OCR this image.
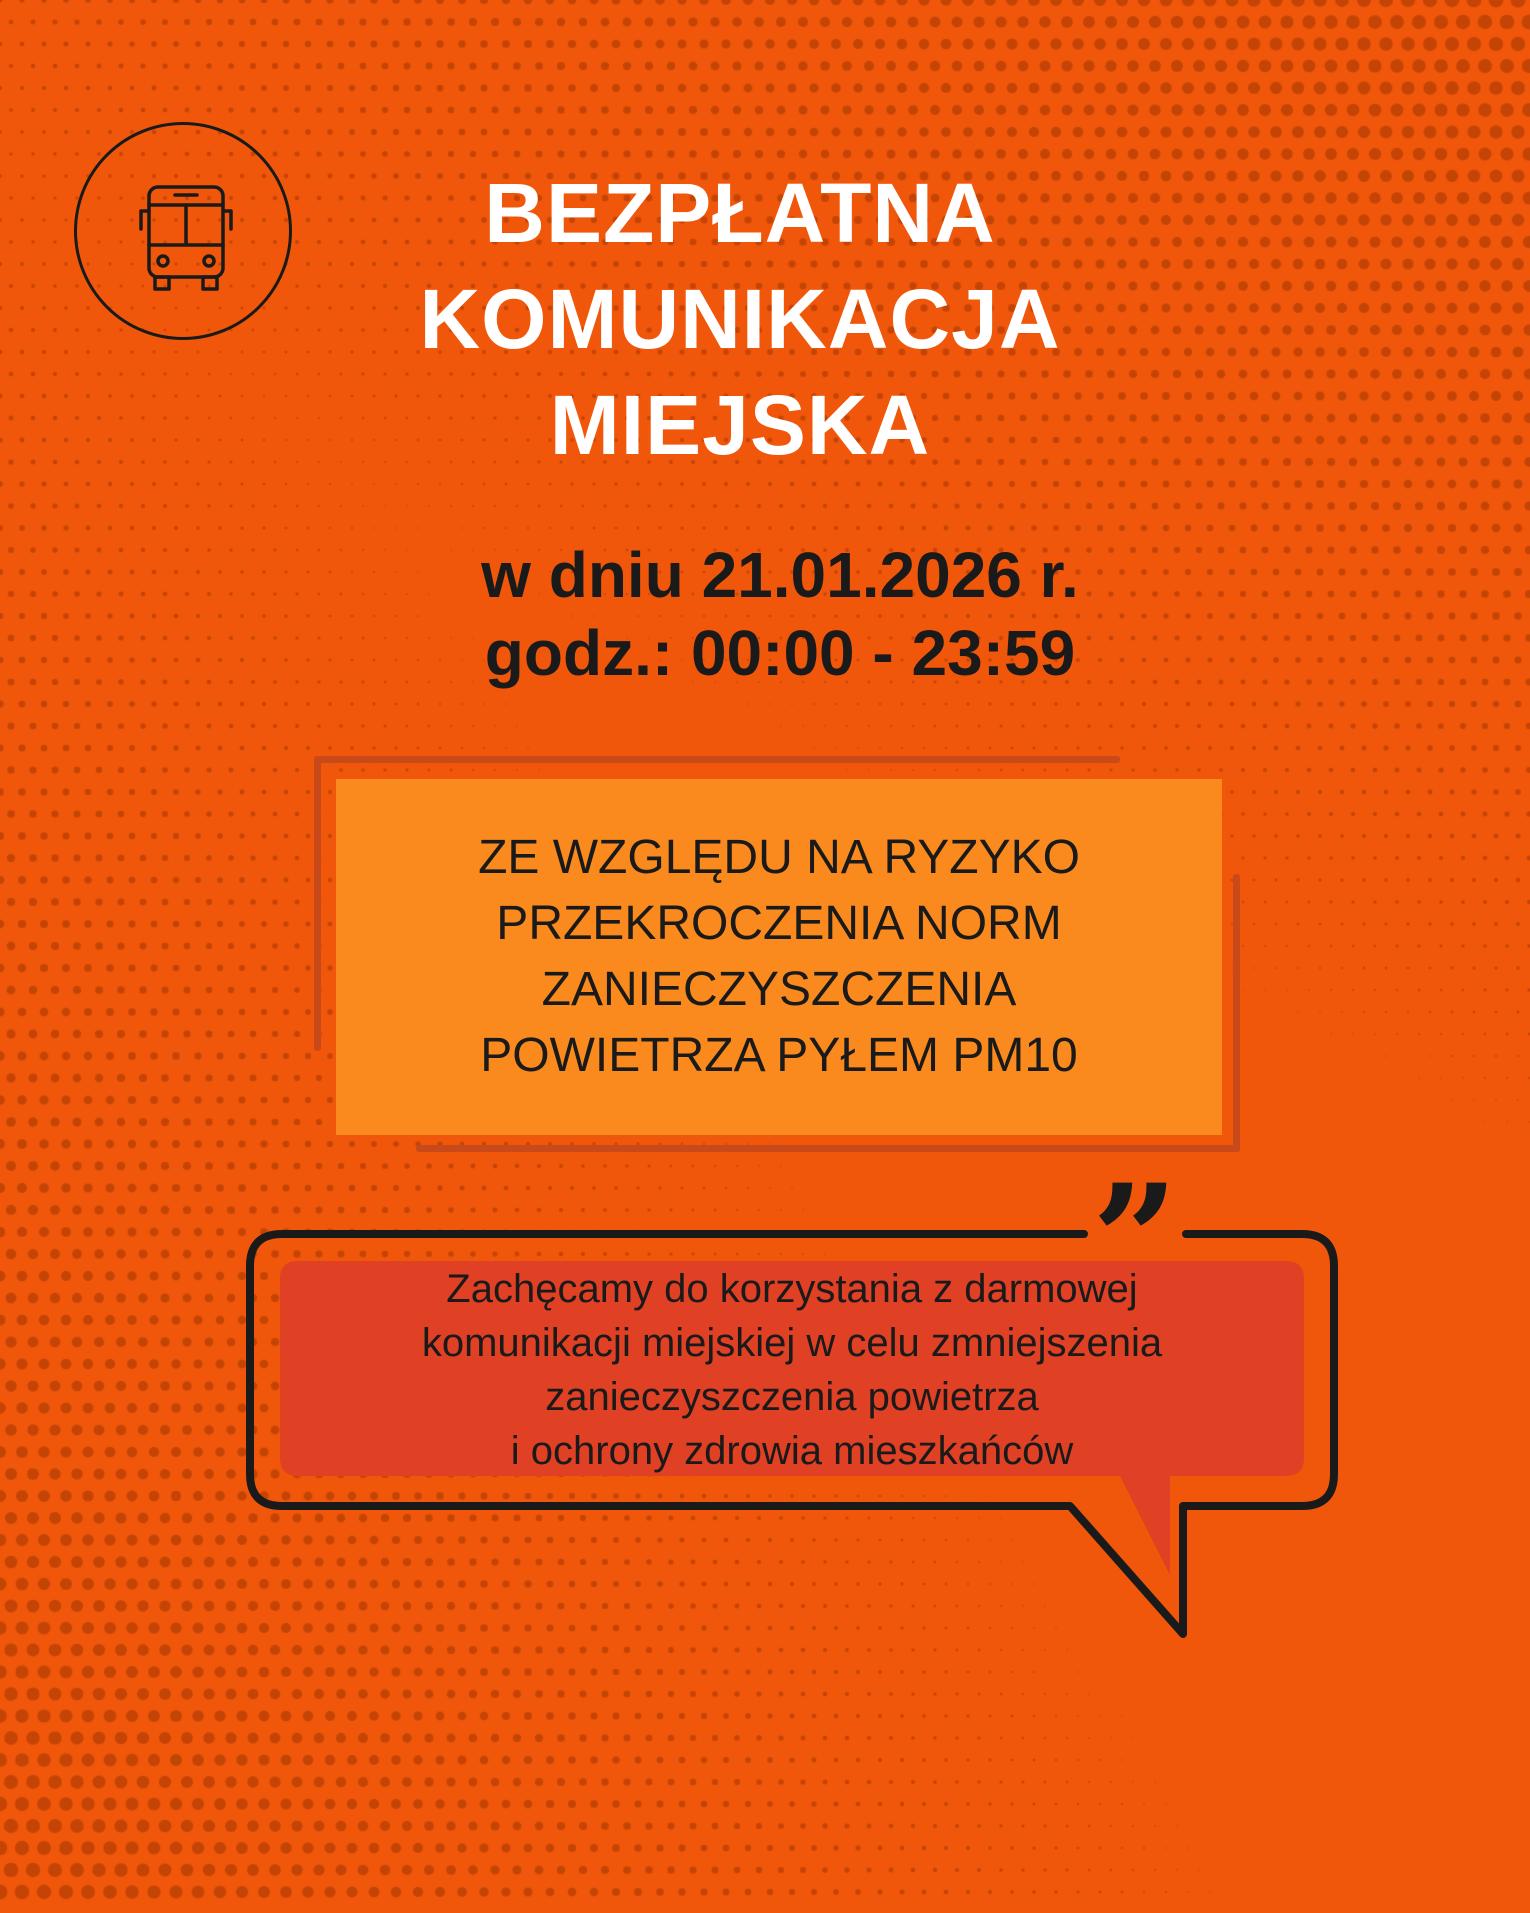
BEZPŁATNA
KOMUNIKACJA
MIEJSKA
w dniu 21.01.2026 r.
godz.: 00:00 - 23:59
ZE WZGLĘDU NA RYZYKO
PRZEKROCZENIA NORM
ZANIECZYSZCZENIA
POWIETRZA PYŁEM PM10
”
Zachęcamy do korzystania z darmowej
komunikacji miejskiej w celu zmniejszenia
zanieczyszczenia powietrza
i ochrony zdrowia mieszkańców
